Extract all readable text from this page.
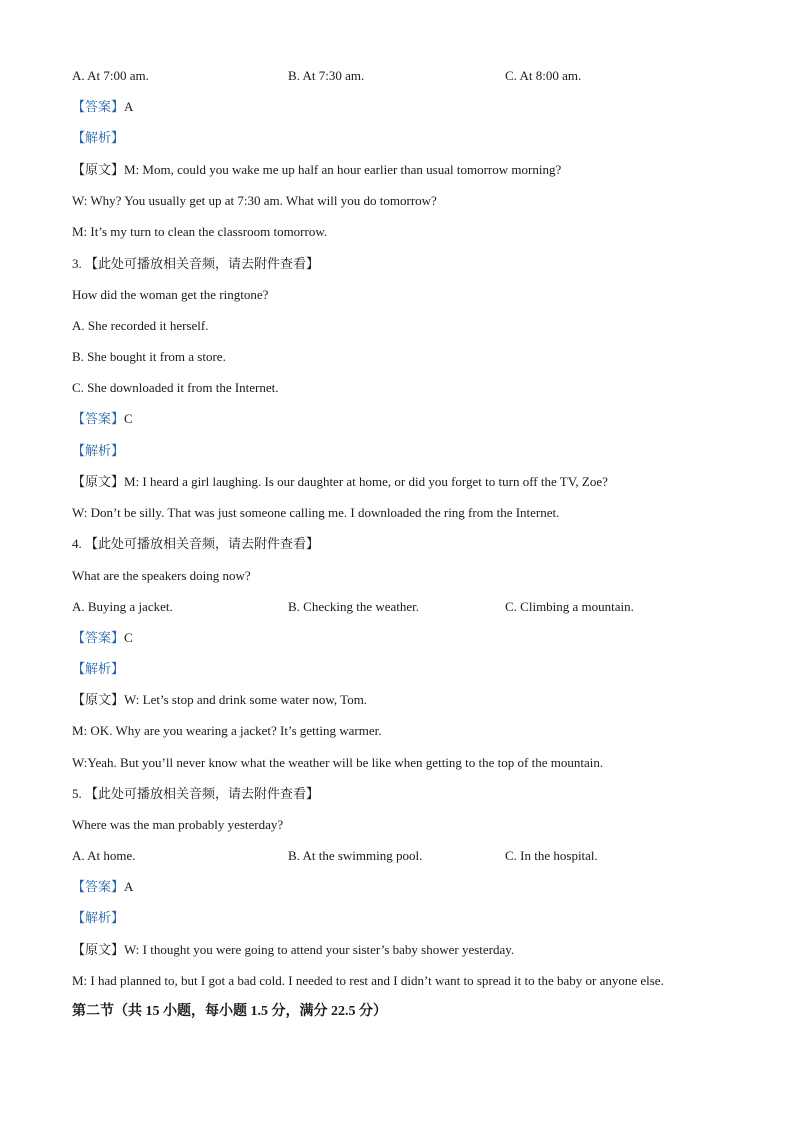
A. At 7:00 am.	B. At 7:30 am.	C. At 8:00 am.
【答案】A
【解析】
【原文】M: Mom, could you wake me up half an hour earlier than usual tomorrow morning?
W: Why? You usually get up at 7:30 am. What will you do tomorrow?
M: It’s my turn to clean the classroom tomorrow.
3. 【此处可播放相关音频，请去附件查看】
How did the woman get the ringtone?
A. She recorded it herself.
B. She bought it from a store.
C. She downloaded it from the Internet.
【答案】C
【解析】
【原文】M: I heard a girl laughing. Is our daughter at home, or did you forget to turn off the TV, Zoe?
W: Don’t be silly. That was just someone calling me. I downloaded the ring from the Internet.
4. 【此处可播放相关音频，请去附件查看】
What are the speakers doing now?
A. Buying a jacket.	B. Checking the weather.	C. Climbing a mountain.
【答案】C
【解析】
【原文】W: Let’s stop and drink some water now, Tom.
M: OK. Why are you wearing a jacket? It’s getting warmer.
W:Yeah. But you’ll never know what the weather will be like when getting to the top of the mountain.
5. 【此处可播放相关音频，请去附件查看】
Where was the man probably yesterday?
A. At home.	B. At the swimming pool.	C. In the hospital.
【答案】A
【解析】
【原文】W: I thought you were going to attend your sister’s baby shower yesterday.
M: I had planned to, but I got a bad cold. I needed to rest and I didn’t want to spread it to the baby or anyone else.
第二节（共 15 小题，每小题 1.5 分，满分 22.5 分）
